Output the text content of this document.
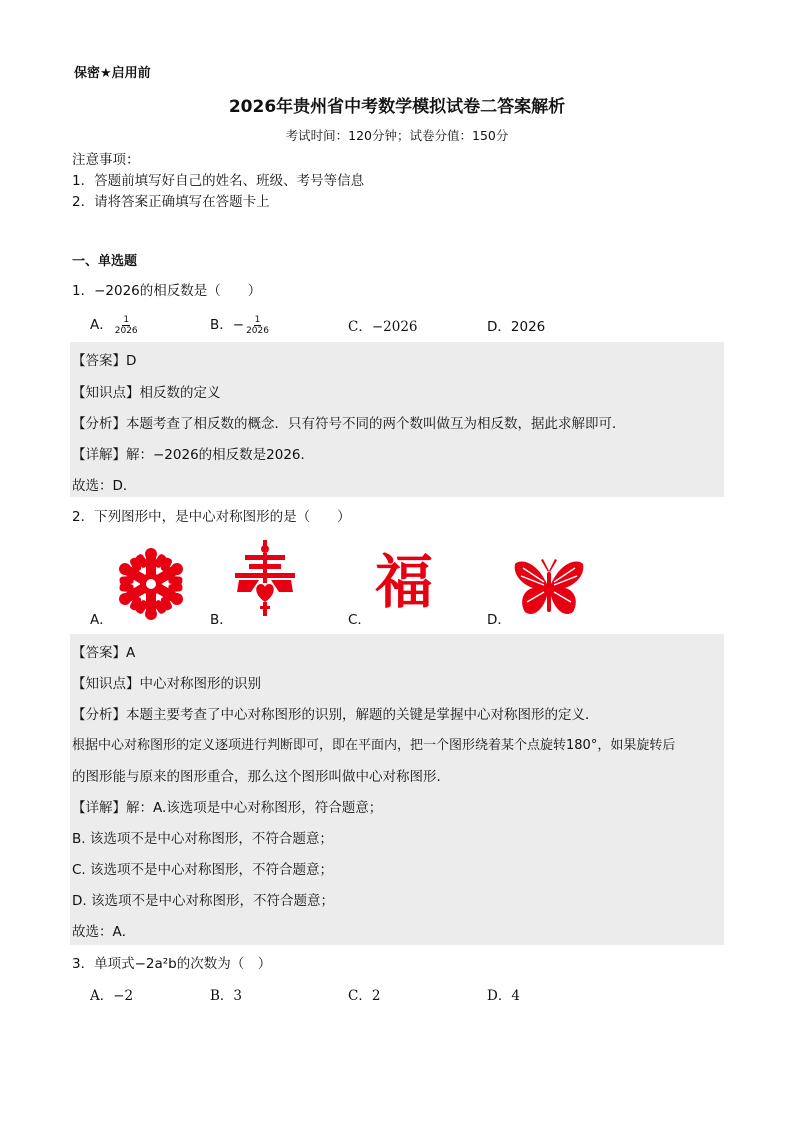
保密★启用前
2026年贵州省中考数学模拟试卷二答案解析
考试时间：120分钟；试卷分值：150分
注意事项：
1．答题前填写好自己的姓名、班级、考号等信息
2．请将答案正确填写在答题卡上
一、单选题
1．−2026的相反数是（　　）
A． $\frac{1}{2026}$	B．− $\frac{1}{2026}$	C．−2026	D．2026
【答案】D
【知识点】相反数的定义
【分析】本题考查了相反数的概念．只有符号不同的两个数叫做互为相反数，据此求解即可．
【详解】解：−2026的相反数是2026．
故选：D．
2．下列图形中，是中心对称图形的是（　　）
福
A．	B．	C．	D．
【答案】A
【知识点】中心对称图形的识别
【分析】本题主要考查了中心对称图形的识别，解题的关键是掌握中心对称图形的定义．
根据中心对称图形的定义逐项进行判断即可，即在平面内，把一个图形绕着某个点旋转180°，如果旋转后
的图形能与原来的图形重合，那么这个图形叫做中心对称图形．
【详解】解：A.该选项是中心对称图形，符合题意；
B. 该选项不是中心对称图形，不符合题意；
C. 该选项不是中心对称图形，不符合题意；
D. 该选项不是中心对称图形，不符合题意；
故选：A．
3．单项式−2a²b的次数为（　）
A．−2	B．3	C．2	D．4
